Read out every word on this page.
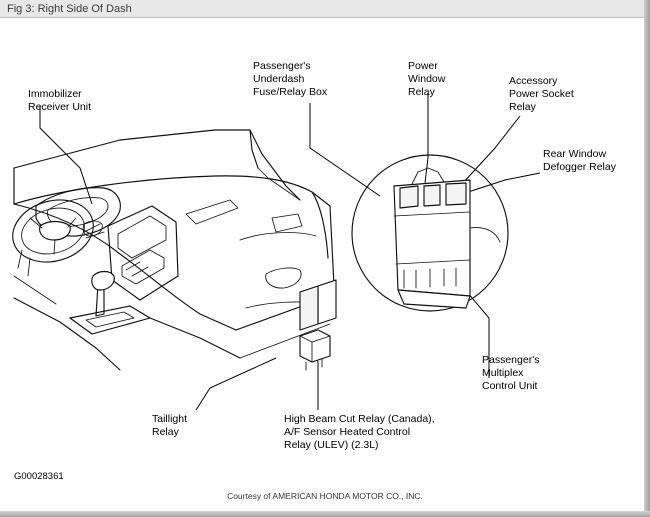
Fig 3: Right Side Of Dash
Immobilizer
Receiver Unit
Passenger's
Underdash
Fuse/Relay Box
Power
Window
Relay
Accessory
Power Socket
Relay
Rear Window
Defogger Relay
Passenger's
Multiplex
Control Unit
Taillight
Relay
High Beam Cut Relay (Canada),
A/F Sensor Heated Control
Relay (ULEV) (2.3L)
G00028361
Courtesy of AMERICAN HONDA MOTOR CO., INC.
